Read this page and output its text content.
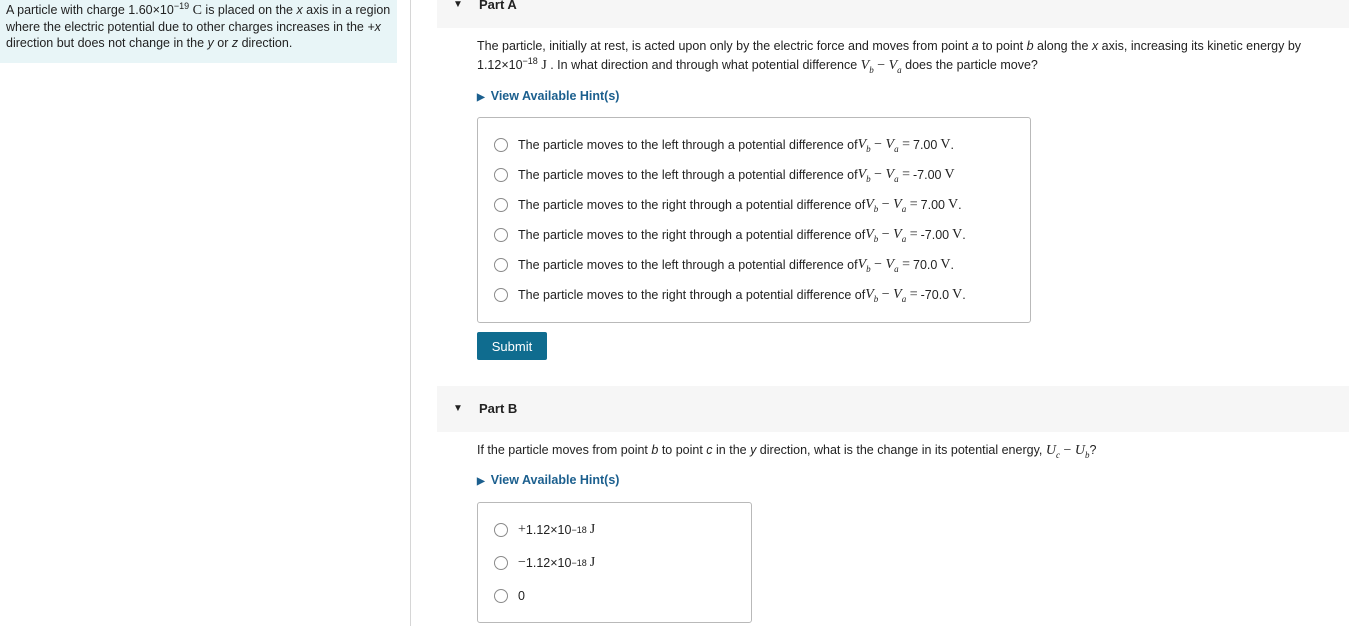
A particle with charge $1.60\times 10^{-19}$ C is placed on the x axis in a region where the electric potential due to other charges increases in the +x direction but does not change in the y or z direction.
▼ Part A
The particle, initially at rest, is acted upon only by the electric force and moves from point a to point b along the x axis, increasing its kinetic energy by $1.12\times 10^{-18}$ J . In what direction and through what potential difference $V_b - V_a$ does the particle move?
▶ View Available Hint(s)
The particle moves to the left through a potential difference of $V_b - V_a = 7.00$ V .
The particle moves to the left through a potential difference of $V_b - V_a = -7.00$ V
The particle moves to the right through a potential difference of $V_b - V_a = 7.00$ V .
The particle moves to the right through a potential difference of $V_b - V_a = -7.00$ V .
The particle moves to the left through a potential difference of $V_b - V_a = 70.0$ V .
The particle moves to the right through a potential difference of $V_b - V_a = -70.0$ V .
Submit
▼ Part B
If the particle moves from point b to point c in the y direction, what is the change in its potential energy, $U_c - U_b$?
▶ View Available Hint(s)
+ 1.12×10 −18 J
− 1.12×10 −18 J
0
